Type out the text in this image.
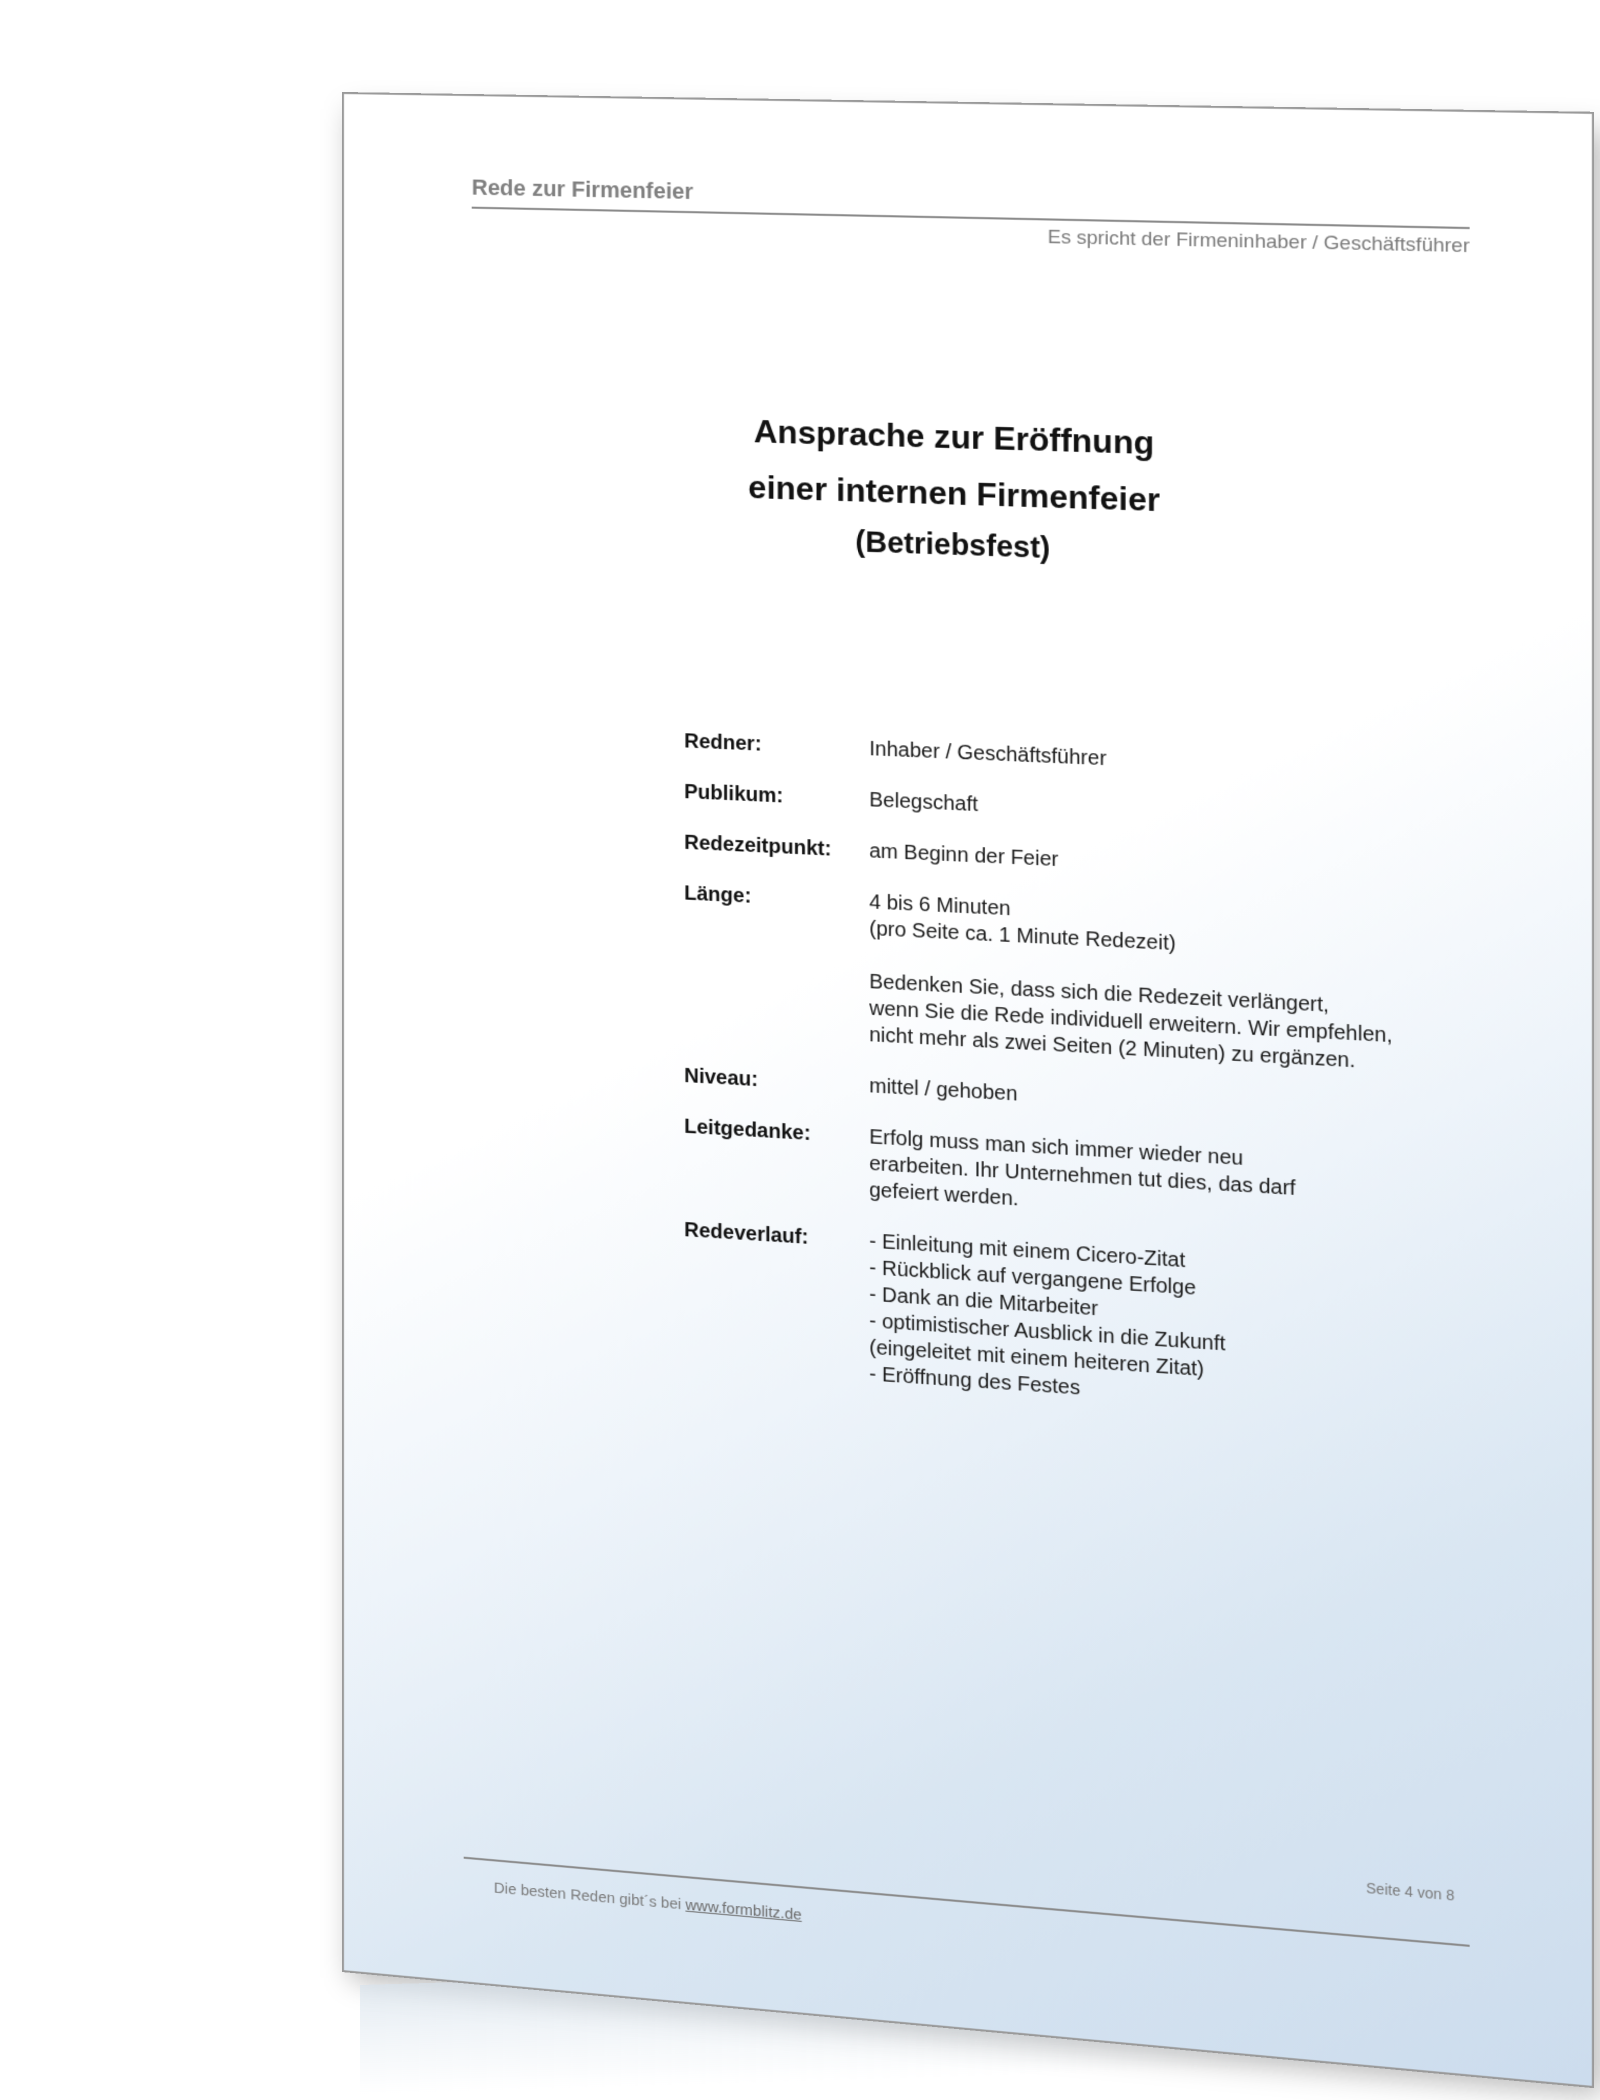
Rede zur Firmenfeier
Es spricht der Firmeninhaber / Geschäftsführer
Ansprache zur Eröffnung
einer internen Firmenfeier
(Betriebsfest)
Redner:	Inhaber / Geschäftsführer
Publikum:	Belegschaft
Redezeitpunkt:	am Beginn der Feier
Länge:	4 bis 6 Minuten
(pro Seite ca. 1 Minute Redezeit)
Bedenken Sie, dass sich die Redezeit verlängert,
wenn Sie die Rede individuell erweitern. Wir empfehlen,
nicht mehr als zwei Seiten (2 Minuten) zu ergänzen.
Niveau:	mittel / gehoben
Leitgedanke:	Erfolg muss man sich immer wieder neu
erarbeiten. Ihr Unternehmen tut dies, das darf
gefeiert werden.
Redeverlauf:	- Einleitung mit einem Cicero-Zitat
- Rückblick auf vergangene Erfolge
- Dank an die Mitarbeiter
- optimistischer Ausblick in die Zukunft
(eingeleitet mit einem heiteren Zitat)
- Eröffnung des Festes
Seite 4 von 8
Die besten Reden gibt´s bei www.formblitz.de
